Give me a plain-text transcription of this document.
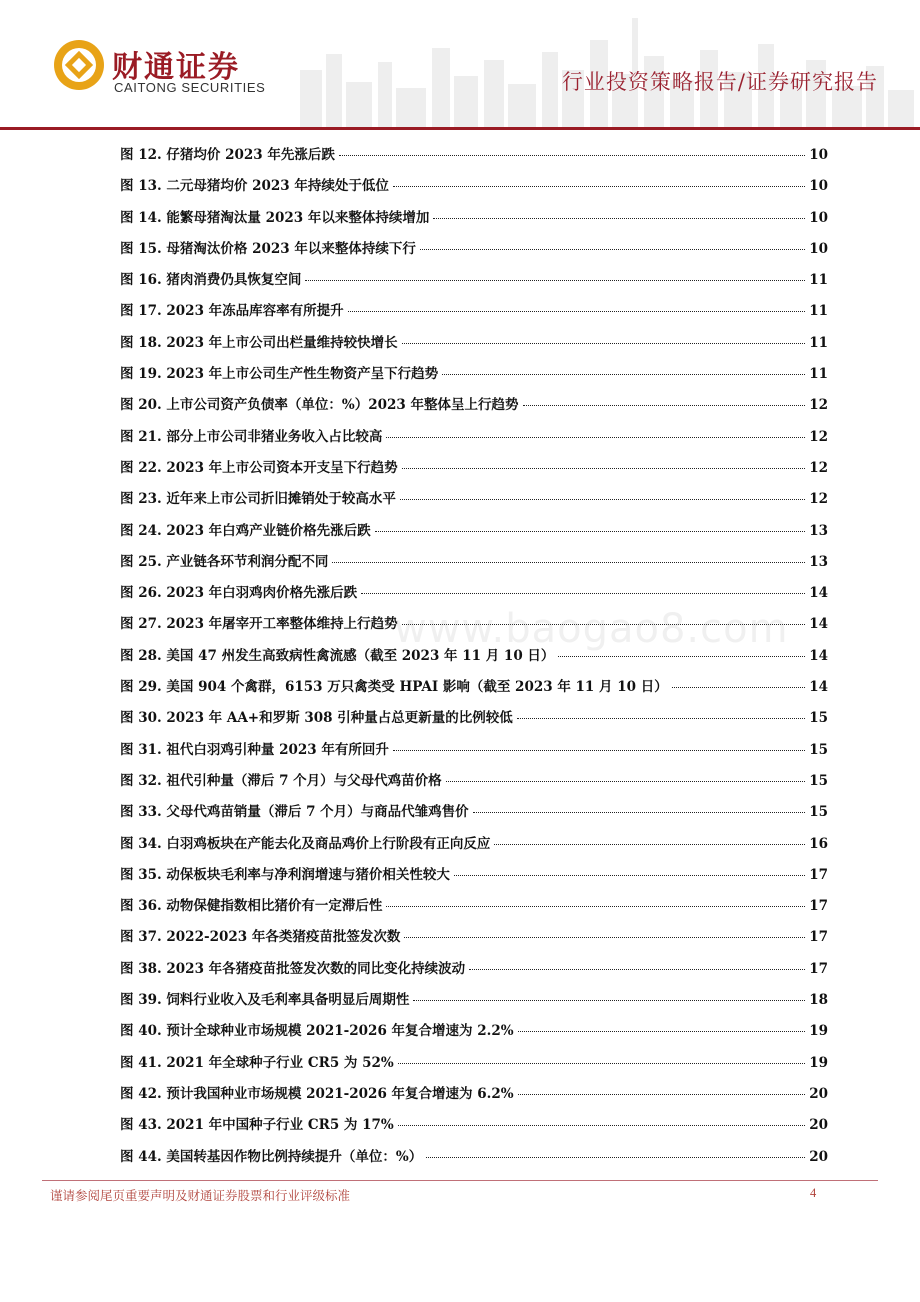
财通证券
CAITONG SECURITIES	行业投资策略报告/证券研究报告
图 12. 仔猪均价 2023 年先涨后跌	10
图 13. 二元母猪均价 2023 年持续处于低位	10
图 14. 能繁母猪淘汰量 2023 年以来整体持续增加	10
图 15. 母猪淘汰价格 2023 年以来整体持续下行	10
图 16. 猪肉消费仍具恢复空间	11
图 17. 2023 年冻品库容率有所提升	11
图 18. 2023 年上市公司出栏量维持较快增长	11
图 19. 2023 年上市公司生产性生物资产呈下行趋势	11
图 20. 上市公司资产负债率（单位：%）2023 年整体呈上行趋势	12
图 21. 部分上市公司非猪业务收入占比较高	12
图 22. 2023 年上市公司资本开支呈下行趋势	12
图 23. 近年来上市公司折旧摊销处于较高水平	12
图 24. 2023 年白鸡产业链价格先涨后跌	13
图 25. 产业链各环节利润分配不同	13
图 26. 2023 年白羽鸡肉价格先涨后跌	14
图 27. 2023 年屠宰开工率整体维持上行趋势	14
图 28. 美国 47 州发生高致病性禽流感（截至 2023 年 11 月 10 日）	14
图 29. 美国 904 个禽群，6153 万只禽类受 HPAI 影响（截至 2023 年 11 月 10 日）	14
图 30. 2023 年 AA+和罗斯 308 引种量占总更新量的比例较低	15
图 31. 祖代白羽鸡引种量 2023 年有所回升	15
图 32. 祖代引种量（滞后 7 个月）与父母代鸡苗价格	15
图 33. 父母代鸡苗销量（滞后 7 个月）与商品代雏鸡售价	15
图 34. 白羽鸡板块在产能去化及商品鸡价上行阶段有正向反应	16
图 35. 动保板块毛利率与净利润增速与猪价相关性较大	17
图 36. 动物保健指数相比猪价有一定滞后性	17
图 37. 2022-2023 年各类猪疫苗批签发次数	17
图 38. 2023 年各猪疫苗批签发次数的同比变化持续波动	17
图 39. 饲料行业收入及毛利率具备明显后周期性	18
图 40. 预计全球种业市场规模 2021-2026 年复合增速为 2.2%	19
图 41. 2021 年全球种子行业 CR5 为 52%	19
图 42. 预计我国种业市场规模 2021-2026 年复合增速为 6.2%	20
图 43. 2021 年中国种子行业 CR5 为 17%	20
图 44. 美国转基因作物比例持续提升（单位：%）	20
www.baogao8.com
谨请参阅尾页重要声明及财通证券股票和行业评级标准	4
